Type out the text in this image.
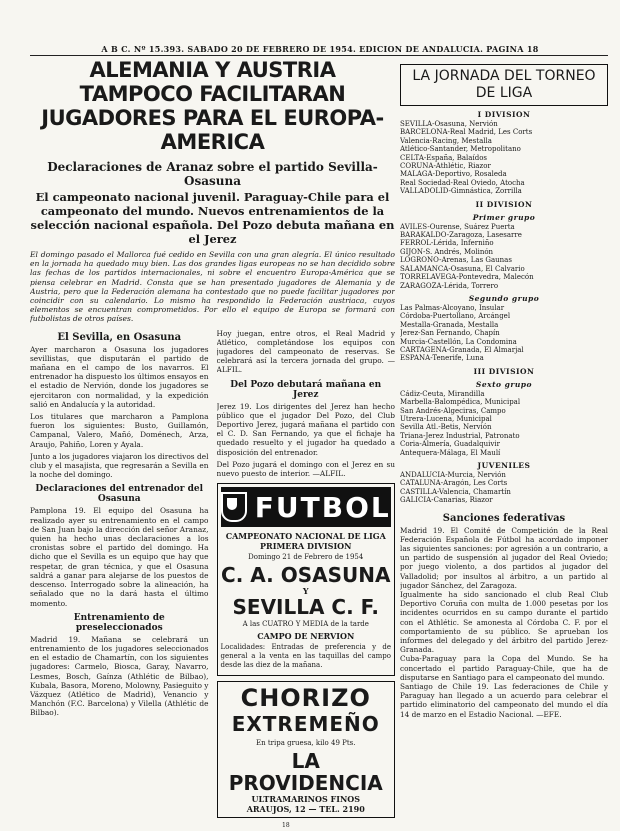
A B C. Nº 15.393. SABADO 20 DE FEBRERO DE 1954. EDICION DE ANDALUCIA. PAGINA 18
ALEMANIA Y AUSTRIA TAMPOCO FACILITARAN JUGADORES PARA EL EUROPA-AMERICA
Declaraciones de Aranaz sobre el partido Sevilla-Osasuna
El campeonato nacional juvenil. Paraguay-Chile para el campeonato del mundo. Nuevos entrenamientos de la selección nacional española. Del Pozo debuta mañana en el Jerez

El domingo pasado el Mallorca fué cedido en Sevilla con una gran alegría. El único resultado en la jornada ha quedado muy bien. Las dos grandes ligas europeas no se han decidido sobre las fechas de los partidos internacionales, ni sobre el encuentro Europa-América que se piensa celebrar en Madrid. Consta que se han presentado jugadores de Alemania y de Austria, pero que la Federación alemana ha contestado que no puede facilitar jugadores por coincidir con su calendario. Lo mismo ha respondido la Federación austriaca, cuyos elementos se encuentran comprometidos. Por ello el equipo de Europa se formará con futbolistas de otros países.

El Sevilla, en Osasuna

Ayer marcharon a Osasuna los jugadores sevillistas, que disputarán el partido de mañana en el campo de los navarros. El entrenador ha dispuesto los últimos ensayos en el estadio de Nervión, donde los jugadores se ejercitaron con normalidad, y la expedición salió en Andalucía y la autoridad.

Los titulares que marcharon a Pamplona fueron los siguientes: Busto, Guillamón, Campanal, Valero, Mañó, Doménech, Arza, Araujo, Pahiño, Loren y Ayala.

Junto a los jugadores viajaron los directivos del club y el masajista, que regresarán a Sevilla en la noche del domingo.

Declaraciones del entrenador del Osasuna

Pamplona 19. El equipo del Osasuna ha realizado ayer su entrenamiento en el campo de San Juan bajo la dirección del señor Aranaz, quien ha hecho unas declaraciones a los cronistas sobre el partido del domingo. Ha dicho que el Sevilla es un equipo que hay que respetar, de gran técnica, y que el Osasuna saldrá a ganar para alejarse de los puestos de descenso. Interrogado sobre la alineación, ha señalado que no la dará hasta el último momento.

Entrenamiento de preseleccionados

Madrid 19. Mañana se celebrará un entrenamiento de los jugadores seleccionados en el estadio de Chamartín, con los siguientes jugadores: Carmelo, Biosca, Garay, Navarro, Lesmes, Bosch, Gaínza (Athlétic de Bilbao), Kubala, Basora, Moreno, Molowny, Pasieguito y Vázquez (Atlético de Madrid), Venancio y Manchón (F.C. Barcelona) y Vilella (Athlétic de Bilbao).

Hoy juegan, entre otros, el Real Madrid y Atlético, completándose los equipos con jugadores del campeonato de reservas. Se celebrará así la tercera jornada del grupo. —ALFIL.

Del Pozo debutará mañana en Jerez

Jerez 19. Los dirigentes del Jerez han hecho público que el jugador Del Pozo, del Club Deportivo Jerez, jugará mañana el partido con el C. D. San Fernando, ya que el fichaje ha quedado resuelto y el jugador ha quedado a disposición del entrenador.

Del Pozo jugará el domingo con el Jerez en su nuevo puesto de interior. —ALFIL.

FUTBOL
CAMPEONATO NACIONAL DE LIGA
PRIMERA DIVISION
Domingo 21 de Febrero de 1954
C. A. OSASUNA
Y
SEVILLA C. F.
A las CUATRO Y MEDIA de la tarde
CAMPO DE NERVION
Localidades: Entradas de preferencia y de general a la venta en las taquillas del campo desde las diez de la mañana.
CHORIZO
EXTREMEÑO
En tripa gruesa, kilo 49 Pts.
LA PROVIDENCIA
ULTRAMARINOS FINOS
ARAUJOS, 12 — TEL. 2190
LA JORNADA DEL TORNEO DE LIGA
I DIVISION
SEVILLA-Osasuna, Nervión
BARCELONA-Real Madrid, Les Corts
Valencia-Racing, Mestalla
Atlético-Santander, Metropolitano
CELTA-España, Balaídos
CORUÑA-Athlétic, Riazor
MALAGA-Deportivo, Rosaleda
Real Sociedad-Real Oviedo, Atocha
VALLADOLID-Gimnástica, Zorrilla
II DIVISION
Primer grupo
AVILES-Ourense, Suárez Puerta
BARAKALDO-Zaragoza, Lasesarre
FERROL-Lérida, Inferniño
GIJON-S. Andrés, Molinón
LOGROÑO-Arenas, Las Gaunas
SALAMANCA-Osasuna, El Calvario
TORRELAVEGA-Pontevedra, Malecón
ZARAGOZA-Lérida, Torrero
Segundo grupo
Las Palmas-Alcoyano, Insular
Córdoba-Puertollano, Arcángel
Mestalla-Granada, Mestalla
Jerez-San Fernando, Chapín
Murcia-Castellón, La Condomina
CARTAGENA-Granada, El Almarjal
ESPAÑA-Tenerife, Luna
III DIVISION
Sexto grupo
Cádiz-Ceuta, Mirandilla
Marbella-Balompédica, Municipal
San Andrés-Algeciras, Campo
Utrera-Lucena, Municipal
Sevilla Atl.-Betis, Nervión
Triana-Jerez Industrial, Patronato
Coria-Almería, Guadalquivir
Antequera-Málaga, El Maulí
JUVENILES
ANDALUCIA-Murcia, Nervión
CATALUÑA-Aragón, Les Corts
CASTILLA-Valencia, Chamartín
GALICIA-Canarias, Riazor
Sanciones federativas

Madrid 19. El Comité de Competición de la Real Federación Española de Fútbol ha acordado imponer las siguientes sanciones: por agresión a un contrario, a un partido de suspensión al jugador del Real Oviedo; por juego violento, a dos partidos al jugador del Valladolid; por insultos al árbitro, a un partido al jugador Sánchez, del Zaragoza.

Igualmente ha sido sancionado el club Real Club Deportivo Coruña con multa de 1.000 pesetas por los incidentes ocurridos en su campo durante el partido con el Athlétic. Se amonesta al Córdoba C. F. por el comportamiento de su público. Se aprueban los informes del delegado y del árbitro del partido Jerez-Granada.

Cuba-Paraguay para la Copa del Mundo. Se ha concertado el partido Paraguay-Chile, que ha de disputarse en Santiago para el campeonato del mundo.

Santiago de Chile 19. Las federaciones de Chile y Paraguay han llegado a un acuerdo para celebrar el partido eliminatorio del campeonato del mundo el día 14 de marzo en el Estadio Nacional. —EFE.

18
